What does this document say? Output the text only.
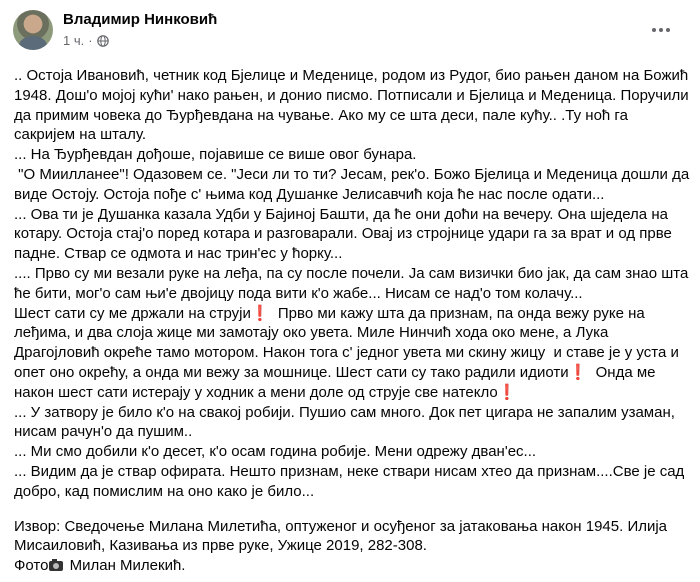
Владимир Нинковић
1 ч. ·

.. Остоја Ивановић, четник код Бјелице и Меденице, родом из Рудог, био рањен даном на Божић 1948. Дош'о мојој кући' нако рањен, и донио писмо. Потписали и Бјелица и Меденица. Поручили да примим човека до Ђурђевдана на чување. Ако му се шта деси, пале кућу.. .Ту ноћ га сакријем на шталу.

... На Ђурђевдан дођоше, појавише се више овог бунара.

"О Миилланее"! Одазовем се. "Јеси ли то ти? Јесам, рек'о. Божо Бјелица и Меденица дошли да виде Остоју. Остоја пође с' њима код Душанке Јелисавчић која ће нас после одати...

... Ова ти је Душанка казала Удби у Бајиној Башти, да ће они доћи на вечеру. Она шједела на котару. Остоја стај'о поред котара и разговарали. Овај из стројнице удари га за врат и од прве падне. Ствар се одмота и нас трин'ес у ћорку...

.... Прво су ми везали руке на леђа, па су после почели. Ја сам визички био јак, да сам знао шта ће бити, мог'о сам њи'е двојицу пода вити к'о жабе... Нисам се над'о том колачу...

Шест сати су ме држали на струји❗  Прво ми кажу шта да признам, па онда вежу руке на леђима, и два слоја жице ми замотају око увета. Миле Нинчић хода око мене, а Лука Драгојловић окреће тамо мотором. Након тога с' једног увета ми скину жицу  и ставе је у уста и опет оно окрећу, а онда ми вежу за мошнице. Шест сати су тако радили идиоти❗  Онда ме након шест сати истерају у ходник а мени доле од струје све натекло❗

... У затвору је било к'о на свакој робији. Пушио сам много. Док пет цигара не запалим узаман, нисам рачун'о да пушим..

... Ми смо добили к'о десет, к'о осам година робије. Мени одрежу дван'ес...

... Видим да је ствар офирата. Нешто признам, неке ствари нисам хтео да признам....Све је сад добро, кад помислим на оно како је било...

Извор: Сведочење Милана Милетића, оптуженог и осуђеног за јатаковања након 1945. Илија Мисаиловић, Казивања из прве руке, Ужице 2019, 282-308.

Фото Милан Милекић.
